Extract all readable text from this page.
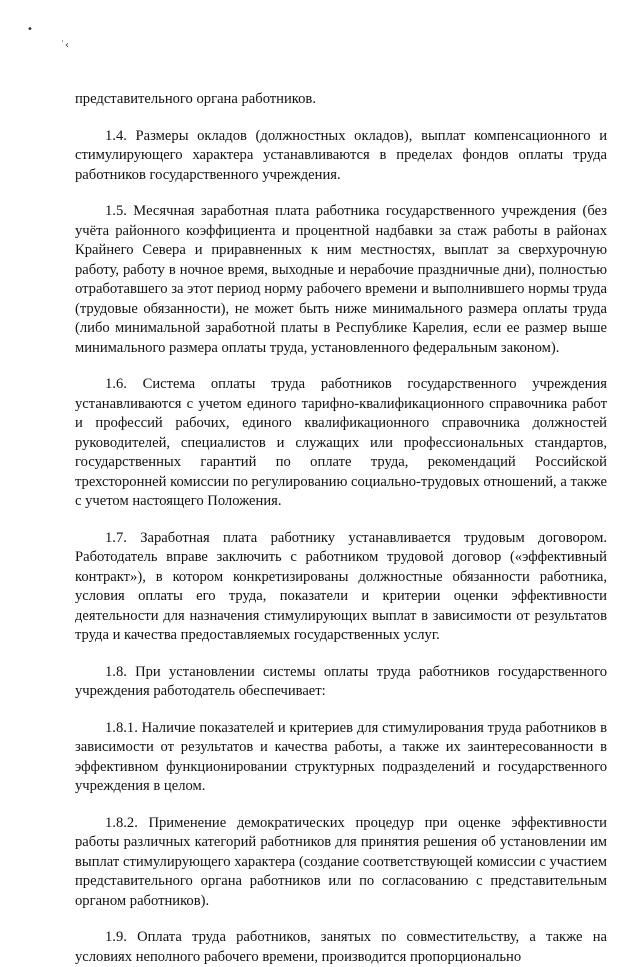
•
˙‹

представительного органа работников.

1.4. Размеры окладов (должностных окладов), выплат компенсационного и стимулирующего характера устанавливаются в пределах фондов оплаты труда работников государственного учреждения.

1.5. Месячная заработная плата работника государственного учреждения (без учёта районного коэффициента и процентной надбавки за стаж работы в районах Крайнего Севера и приравненных к ним местностях, выплат за сверхурочную работу, работу в ночное время, выходные и нерабочие праздничные дни), полностью отработавшего за этот период норму рабочего времени и выполнившего нормы труда (трудовые обязанности), не может быть ниже минимального размера оплаты труда (либо минимальной заработной платы в Республике Карелия, если ее размер выше минимального размера оплаты труда, установленного федеральным законом).

1.6. Система оплаты труда работников государственного учреждения устанавливаются с учетом единого тарифно-квалификационного справочника работ и профессий рабочих, единого квалификационного справочника должностей руководителей, специалистов и служащих или профессиональных стандартов, государственных гарантий по оплате труда, рекомендаций Российской трехсторонней комиссии по регулированию социально-трудовых отношений, а также с учетом настоящего Положения.

1.7. Заработная плата работнику устанавливается трудовым договором. Работодатель вправе заключить с работником трудовой договор («эффективный контракт»), в котором конкретизированы должностные обязанности работника, условия оплаты его труда, показатели и критерии оценки эффективности деятельности для назначения стимулирующих выплат в зависимости от результатов труда и качества предоставляемых государственных услуг.

1.8. При установлении системы оплаты труда работников государственного учреждения работодатель обеспечивает:

1.8.1. Наличие показателей и критериев для стимулирования труда работников в зависимости от результатов и качества работы, а также их заинтересованности в эффективном функционировании структурных подразделений и государственного учреждения в целом.

1.8.2. Применение демократических процедур при оценке эффективности работы различных категорий работников для принятия решения об установлении им выплат стимулирующего характера (создание соответствующей комиссии с участием представительного органа работников или по согласованию с представительным органом работников).

1.9. Оплата труда работников, занятых по совместительству, а также на условиях неполного рабочего времени, производится пропорционально
